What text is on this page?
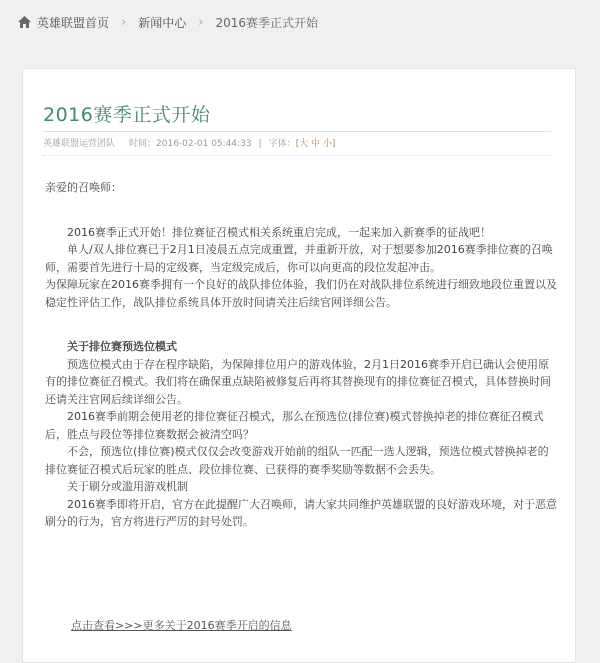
英雄联盟首页 › 新闻中心 › 2016赛季正式开始
2016赛季正式开始
英雄联盟运营团队 时间：2016-02-01 05:44:33 | 字体：[大 中 小]

亲爱的召唤师：

2016赛季正式开始！排位赛征召模式相关系统重启完成，一起来加入新赛季的征战吧！

单人/双人排位赛已于2月1日凌晨五点完成重置，并重新开放，对于想要参加2016赛季排位赛的召唤师，需要首先进行十局的定级赛，当定级完成后，你可以向更高的段位发起冲击。

为保障玩家在2016赛季拥有一个良好的战队排位体验，我们仍在对战队排位系统进行细致地段位重置以及稳定性评估工作，战队排位系统具体开放时间请关注后续官网详细公告。

关于排位赛预选位模式

预选位模式由于存在程序缺陷，为保障排位用户的游戏体验，2月1日2016赛季开启已确认会使用原有的排位赛征召模式。我们将在确保重点缺陷被修复后再将其替换现有的排位赛征召模式，具体替换时间还请关注官网后续详细公告。

2016赛季前期会使用老的排位赛征召模式，那么在预选位(排位赛)模式替换掉老的排位赛征召模式后，胜点与段位等排位赛数据会被清空吗？

不会，预选位(排位赛)模式仅仅会改变游戏开始前的组队一匹配一选人逻辑，预选位模式替换掉老的排位赛征召模式后玩家的胜点、段位排位赛、已获得的赛季奖励等数据不会丢失。

关于刷分或滥用游戏机制

2016赛季即将开启，官方在此提醒广大召唤师，请大家共同维护英雄联盟的良好游戏环境，对于恶意刷分的行为，官方将进行严厉的封号处罚。

点击查看>>>更多关于2016赛季开启的信息
